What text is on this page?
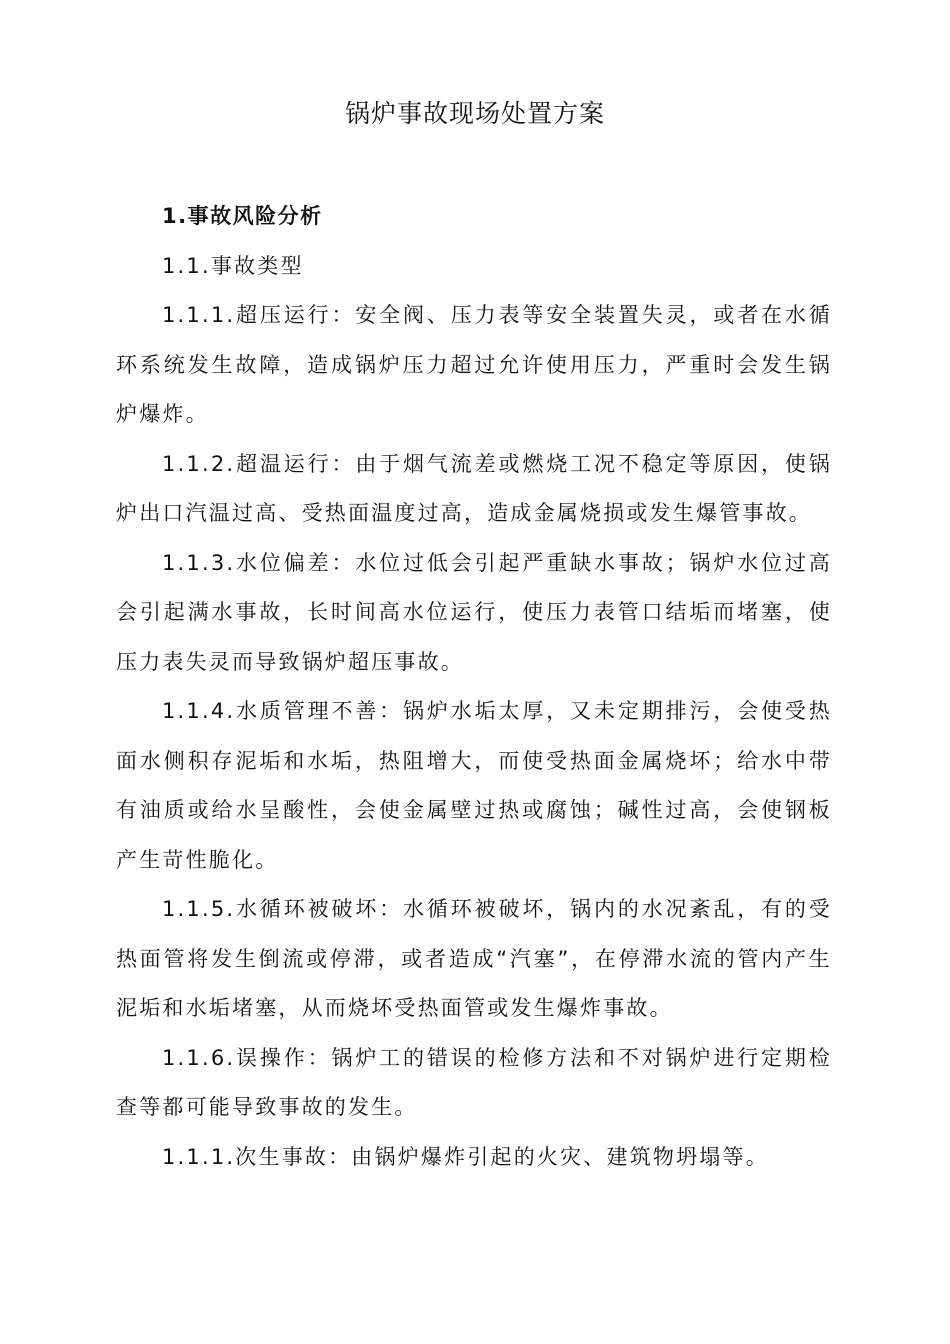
锅炉事故现场处置方案

1.事故风险分析

1.1.事故类型

1.1.1.超压运行：安全阀、压力表等安全装置失灵，或者在水循环系统发生故障，造成锅炉压力超过允许使用压力，严重时会发生锅炉爆炸。

1.1.2.超温运行：由于烟气流差或燃烧工况不稳定等原因，使锅炉出口汽温过高、受热面温度过高，造成金属烧损或发生爆管事故。

1.1.3.水位偏差：水位过低会引起严重缺水事故；锅炉水位过高会引起满水事故，长时间高水位运行，使压力表管口结垢而堵塞，使压力表失灵而导致锅炉超压事故。

1.1.4.水质管理不善：锅炉水垢太厚，又未定期排污，会使受热面水侧积存泥垢和水垢，热阻增大，而使受热面金属烧坏；给水中带有油质或给水呈酸性，会使金属壁过热或腐蚀；碱性过高，会使钢板产生苛性脆化。

1.1.5.水循环被破坏：水循环被破坏，锅内的水况紊乱，有的受热面管将发生倒流或停滞，或者造成“汽塞”，在停滞水流的管内产生泥垢和水垢堵塞，从而烧坏受热面管或发生爆炸事故。

1.1.6.误操作：锅炉工的错误的检修方法和不对锅炉进行定期检查等都可能导致事故的发生。

1.1.1.次生事故：由锅炉爆炸引起的火灾、建筑物坍塌等。
